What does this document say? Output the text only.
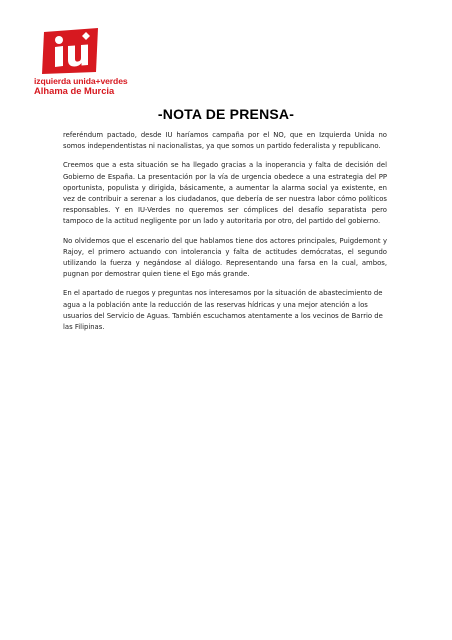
izquierda unida+verdes
Alhama de Murcia
-NOTA DE PRENSA-

referéndum pactado, desde IU haríamos campaña por el NO, que en Izquierda Unida no somos independentistas ni nacionalistas, ya que somos un partido federalista y republicano.

Creemos que a esta situación se ha llegado gracias a la inoperancia y falta de decisión del Gobierno de España. La presentación por la vía de urgencia obedece a una estrategia del PP oportunista, populista y dirigida, básicamente, a aumentar la alarma social ya existente, en vez de contribuir a serenar a los ciudadanos, que debería de ser nuestra labor cómo políticos responsables. Y en IU-Verdes no queremos ser cómplices del desafío separatista pero tampoco de la actitud negligente por un lado y autoritaria por otro, del partido del gobierno.

No olvidemos que el escenario del que hablamos tiene dos actores principales, Puigdemont y Rajoy, el primero actuando con intolerancia y falta de actitudes demócratas, el segundo utilizando la fuerza y negándose al diálogo. Representando una farsa en la cual, ambos, pugnan por demostrar quien tiene el Ego más grande.

En el apartado de ruegos y preguntas nos interesamos por la situación de abastecimiento de agua a la población ante la reducción de las reservas hídricas y una mejor atención a los usuarios del Servicio de Aguas. También escuchamos atentamente a los vecinos de Barrio de las Filipinas.
